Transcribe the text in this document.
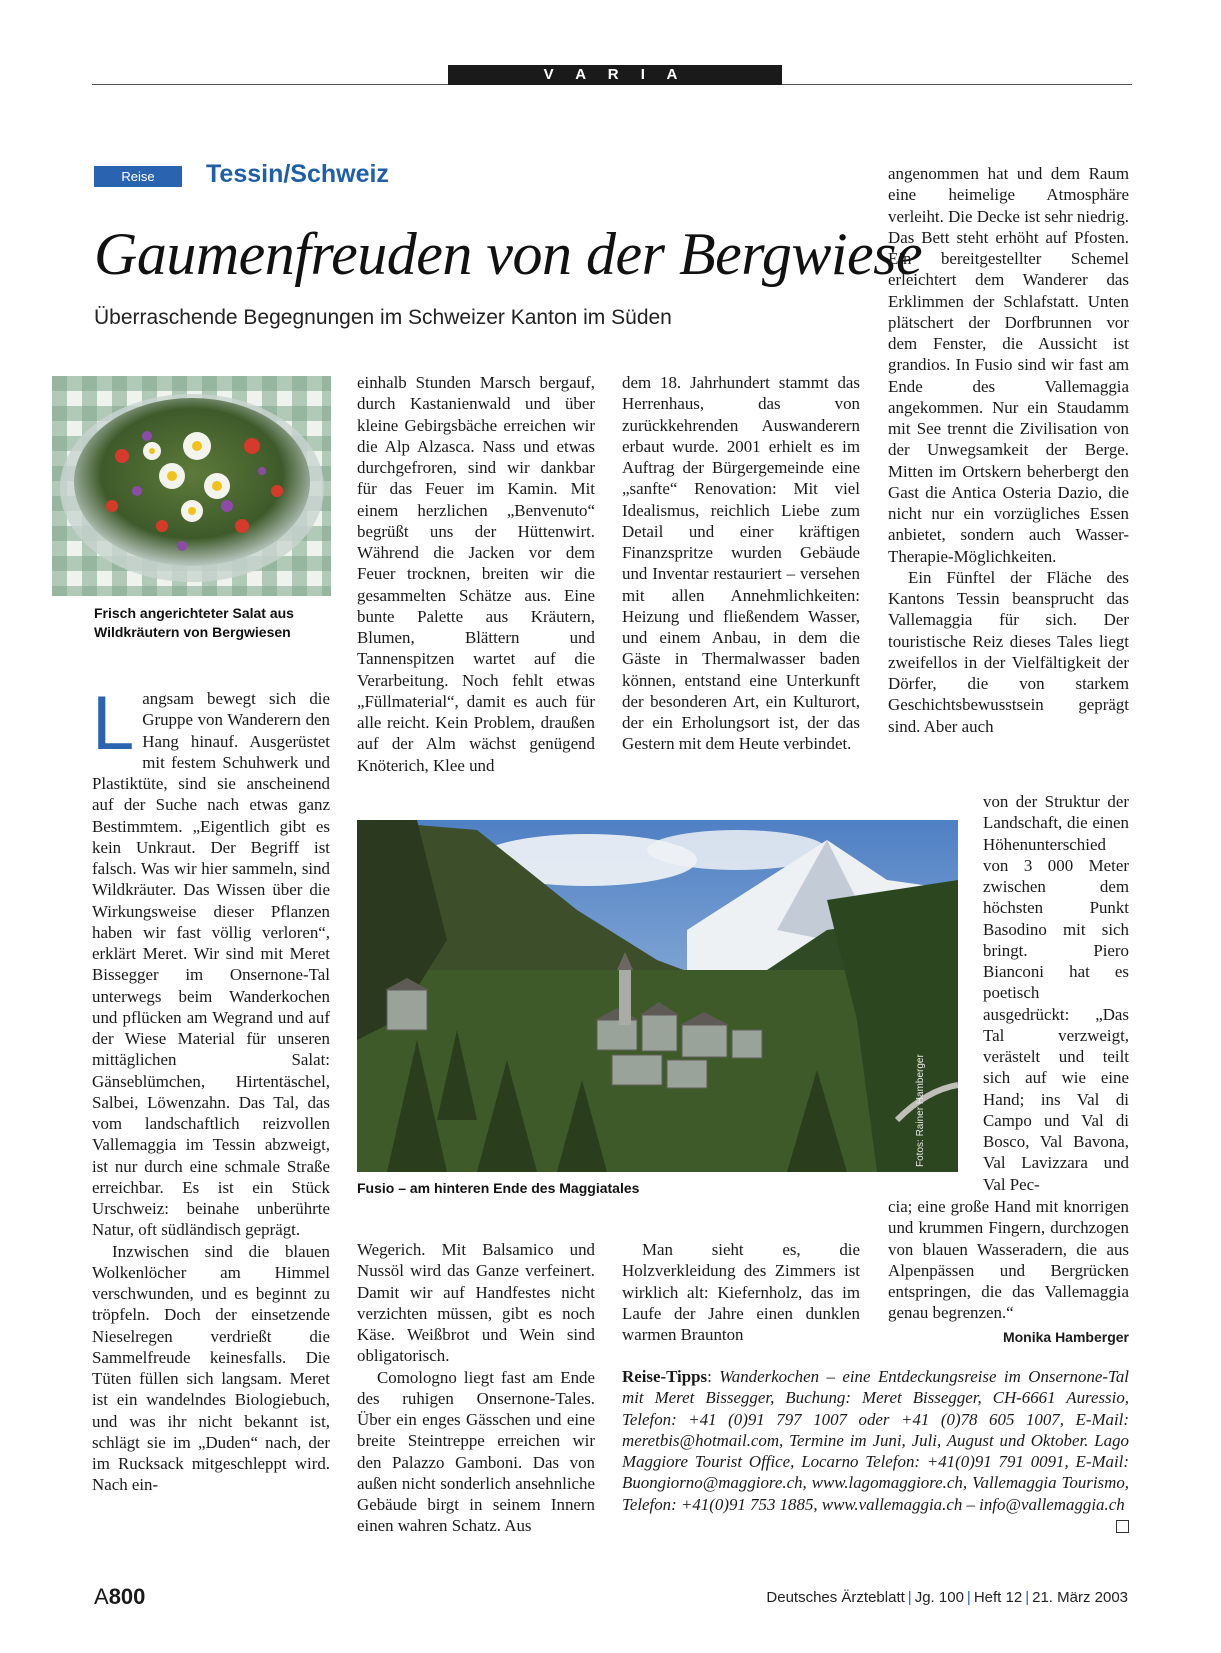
V A R I A
Reise	Tessin/Schweiz
Gaumenfreuden von der Bergwiese
Überraschende Begegnungen im Schweizer Kanton im Süden
Frisch angerichteter Salat aus Wildkräutern von Bergwiesen

Langsam bewegt sich die Gruppe von Wanderern den Hang hinauf. Ausgerüstet mit festem Schuhwerk und Plastiktüte, sind sie anscheinend auf der Suche nach etwas ganz Bestimmtem. „Eigentlich gibt es kein Unkraut. Der Begriff ist falsch. Was wir hier sammeln, sind Wildkräuter. Das Wissen über die Wirkungsweise dieser Pflanzen haben wir fast völlig verloren“, erklärt Meret. Wir sind mit Meret Bissegger im Onsernone-Tal unterwegs beim Wanderkochen und pflücken am Wegrand und auf der Wiese Material für unseren mittäglichen Salat: Gänseblümchen, Hirtentäschel, Salbei, Löwenzahn. Das Tal, das vom landschaftlich reizvollen Vallemaggia im Tessin abzweigt, ist nur durch eine schmale Straße erreichbar. Es ist ein Stück Urschweiz: beinahe unberührte Natur, oft südländisch geprägt.

Inzwischen sind die blauen Wolkenlöcher am Himmel verschwunden, und es beginnt zu tröpfeln. Doch der einsetzende Nieselregen verdrießt die Sammelfreude keinesfalls. Die Tüten füllen sich langsam. Meret ist ein wandelndes Biologiebuch, und was ihr nicht bekannt ist, schlägt sie im „Duden“ nach, der im Rucksack mitgeschleppt wird. Nach ein-

einhalb Stunden Marsch bergauf, durch Kastanienwald und über kleine Gebirgsbäche erreichen wir die Alp Alzasca. Nass und etwas durchgefroren, sind wir dankbar für das Feuer im Kamin. Mit einem herzlichen „Benvenuto“ begrüßt uns der Hüttenwirt. Während die Jacken vor dem Feuer trocknen, breiten wir die gesammelten Schätze aus. Eine bunte Palette aus Kräutern, Blumen, Blättern und Tannenspitzen wartet auf die Verarbeitung. Noch fehlt etwas „Füllmaterial“, damit es auch für alle reicht. Kein Problem, draußen auf der Alm wächst genügend Knöterich, Klee und

dem 18. Jahrhundert stammt das Herrenhaus, das von zurückkehrenden Auswanderern erbaut wurde. 2001 erhielt es im Auftrag der Bürgergemeinde eine „sanfte“ Renovation: Mit viel Idealismus, reichlich Liebe zum Detail und einer kräftigen Finanzspritze wurden Gebäude und Inventar restauriert – versehen mit allen Annehmlichkeiten: Heizung und fließendem Wasser, und einem Anbau, in dem die Gäste in Thermalwasser baden können, entstand eine Unterkunft der besonderen Art, ein Kulturort, der ein Erholungsort ist, der das Gestern mit dem Heute verbindet.

Fusio – am hinteren Ende des Maggiatales

Wegerich. Mit Balsamico und Nussöl wird das Ganze verfeinert. Damit wir auf Handfestes nicht verzichten müssen, gibt es noch Käse. Weißbrot und Wein sind obligatorisch.

Comologno liegt fast am Ende des ruhigen Onsernone-Tales. Über ein enges Gässchen und eine breite Steintreppe erreichen wir den Palazzo Gamboni. Das von außen nicht sonderlich ansehnliche Gebäude birgt in seinem Innern einen wahren Schatz. Aus

Man sieht es, die Holzverkleidung des Zimmers ist wirklich alt: Kiefernholz, das im Laufe der Jahre einen dunklen warmen Braunton

angenommen hat und dem Raum eine heimelige Atmosphäre verleiht. Die Decke ist sehr niedrig. Das Bett steht erhöht auf Pfosten. Ein bereitgestellter Schemel erleichtert dem Wanderer das Erklimmen der Schlafstatt. Unten plätschert der Dorfbrunnen vor dem Fenster, die Aussicht ist grandios. In Fusio sind wir fast am Ende des Vallemaggia angekommen. Nur ein Staudamm mit See trennt die Zivilisation von der Unwegsamkeit der Berge. Mitten im Ortskern beherbergt den Gast die Antica Osteria Dazio, die nicht nur ein vorzügliches Essen anbietet, sondern auch Wasser-Therapie-Möglichkeiten.

Ein Fünftel der Fläche des Kantons Tessin beansprucht das Vallemaggia für sich. Der touristische Reiz dieses Tales liegt zweifellos in der Vielfältigkeit der Dörfer, die von starkem Geschichtsbewusstsein geprägt sind. Aber auch

von der Struktur der Landschaft, die einen Höhenunterschied von 3 000 Meter zwischen dem höchsten Punkt Basodino mit sich bringt. Piero Bianconi hat es poetisch ausgedrückt: „Das Tal verzweigt, verästelt und teilt sich auf wie eine Hand; ins Val di Campo und Val di Bosco, Val Bavona, Val Lavizzara und Val Pec-

cia; eine große Hand mit knorrigen und krummen Fingern, durchzogen von blauen Wasseradern, die aus Alpenpässen und Bergrücken entspringen, die das Vallemaggia genau begrenzen.“
Monika Hamberger

Reise-Tipps: Wanderkochen – eine Entdeckungsreise im Onsernone-Tal mit Meret Bissegger, Buchung: Meret Bissegger, CH-6661 Auressio, Telefon: +41 (0)91 797 1007 oder +41 (0)78 605 1007, E-Mail: meretbis@hotmail.com, Termine im Juni, Juli, August und Oktober. Lago Maggiore Tourist Office, Locarno Telefon: +41(0)91 791 0091, E-Mail: Buongiorno@maggiore.ch, www.lagomaggiore.ch, Vallemaggia Tourismo, Telefon: +41(0)91 753 1885, www.vallemaggia.ch – info@vallemaggia.ch
A800	Deutsches Ärzteblatt | Jg. 100 | Heft 12 | 21. März 2003
